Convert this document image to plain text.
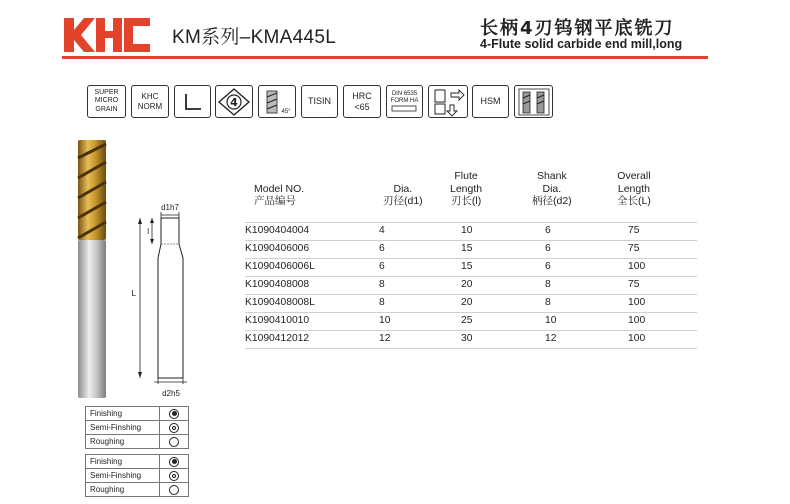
KM系列–KMA445L	长柄4刃钨钢平底铣刀
4-Flute solid carbide end mill,long
SUPER
MICRO
GRAIN
KHC
NORM	4
45°
TISIN
HRC
<65
DIN 6535
FORM HA	HSM
d1h7
d2h5
l
L

Model NO.
产品编号

Dia.
刃径(d1)
Flute
Length
刃长(l)
Shank
Dia.
柄径(d2)
Overall
Length
全长(L)
K1090404004	4	10	6	75
K1090406006	6	15	6	75
K1090406006L	6	15	6	100
K1090408008	8	20	8	75
K1090408008L	8	20	8	100
K1090410010	10	25	10	100
K1090412012	12	30	12	100
Finishing	
Semi-Finshing	
Roughing	
Finishing	
Semi-Finshing	
Roughing	
